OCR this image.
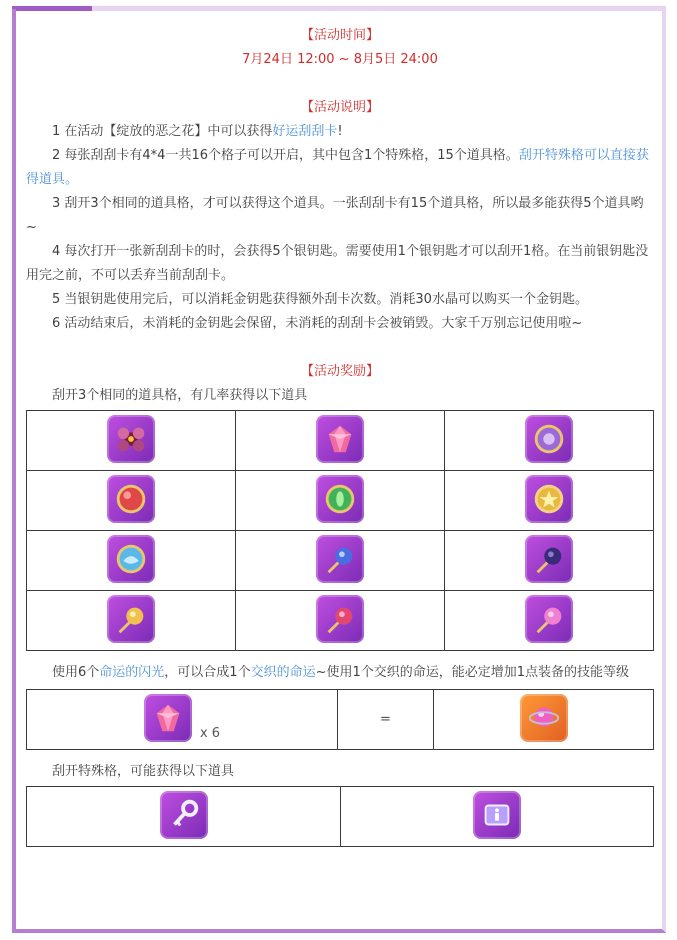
【活动时间】
7月24日 12:00 ~ 8月5日 24:00
【活动说明】

1 在活动【绽放的恶之花】中可以获得好运刮刮卡!

2 每张刮刮卡有4*4一共16个格子可以开启，其中包含1个特殊格，15个道具格。刮开特殊格可以直接获得道具。

3 刮开3个相同的道具格，才可以获得这个道具。一张刮刮卡有15个道具格，所以最多能获得5个道具哟~

4 每次打开一张新刮刮卡的时，会获得5个银钥匙。需要使用1个银钥匙才可以刮开1格。在当前银钥匙没用完之前，不可以丢弃当前刮刮卡。

5 当银钥匙使用完后，可以消耗金钥匙获得额外刮卡次数。消耗30水晶可以购买一个金钥匙。

6 活动结束后，未消耗的金钥匙会保留，未消耗的刮刮卡会被销毁。大家千万别忘记使用啦~

【活动奖励】

刮开3个相同的道具格，有几率获得以下道具

使用6个命运的闪光，可以合成1个交织的命运~使用1个交织的命运，能必定增加1点装备的技能等级

x 6	=	

刮开特殊格，可能获得以下道具
